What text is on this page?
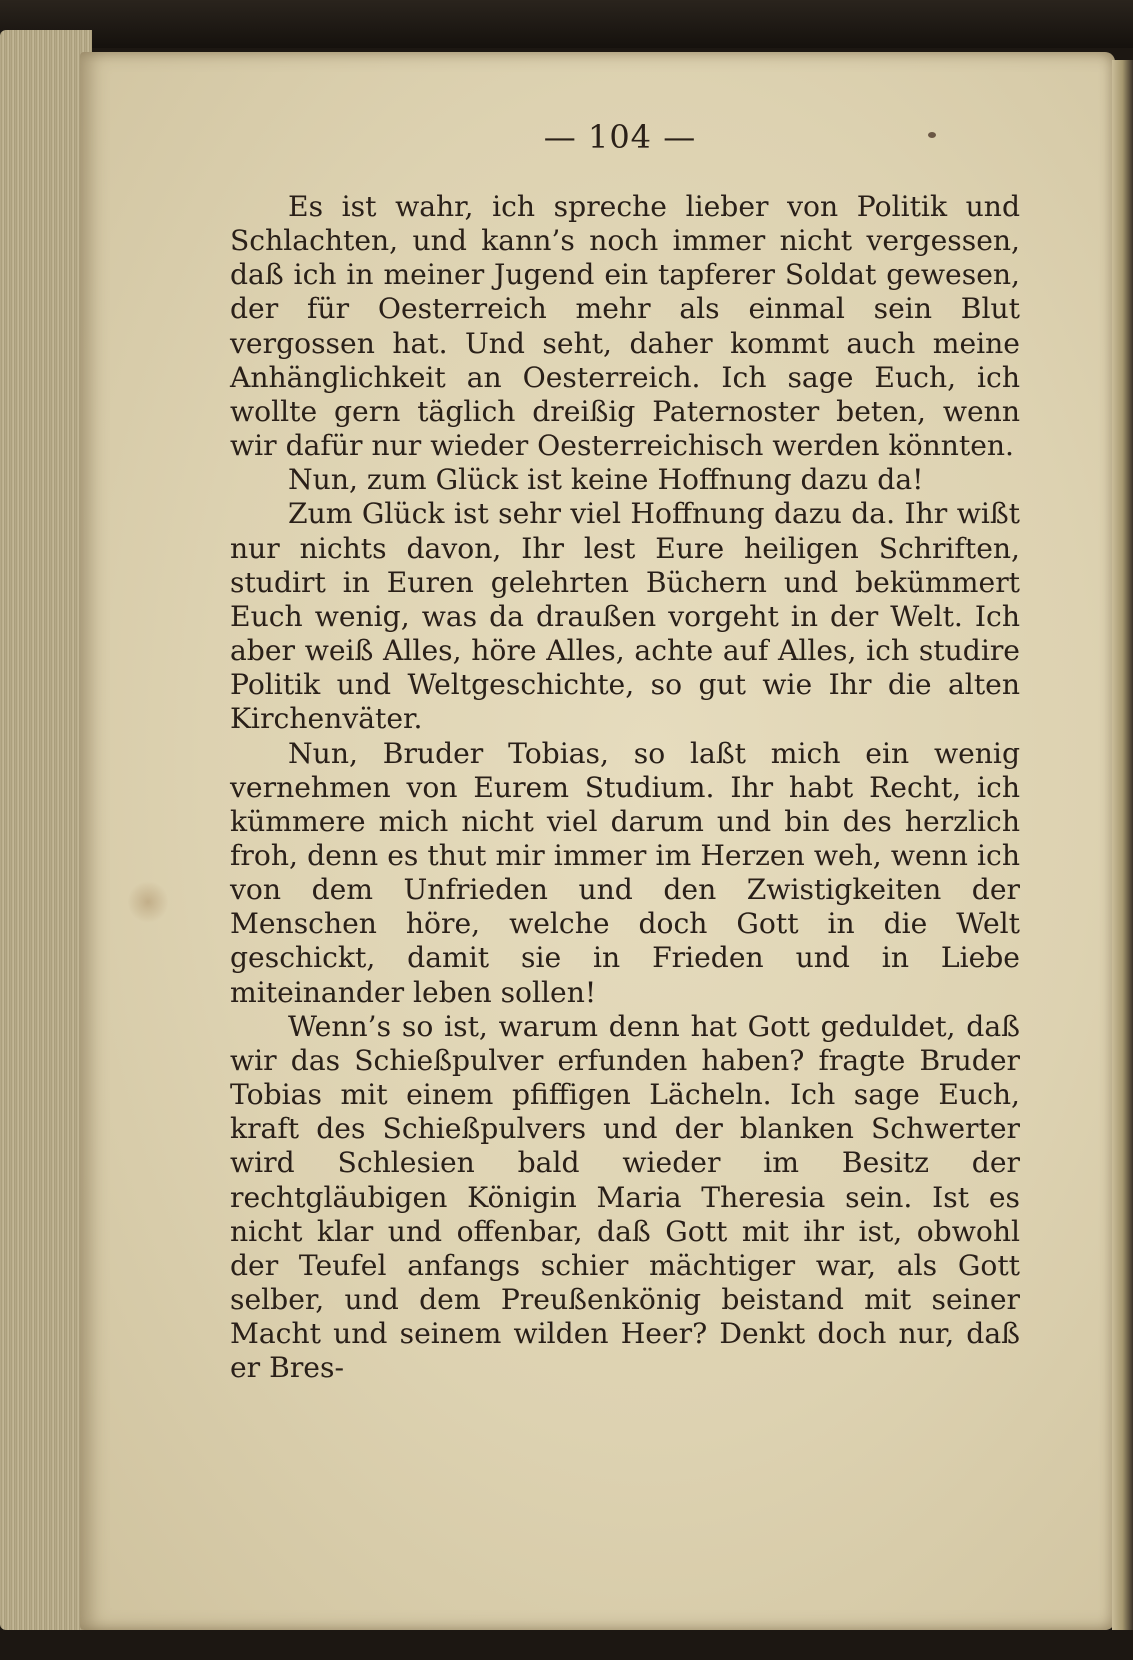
— 104 —

Es ist wahr, ich spreche lieber von Politik und Schlachten, und kann’s noch immer nicht vergessen, daß ich in meiner Jugend ein tapferer Soldat gewesen, der für Oesterreich mehr als einmal sein Blut vergossen hat. Und seht, daher kommt auch meine Anhänglichkeit an Oesterreich. Ich sage Euch, ich wollte gern täglich dreißig Paternoster beten, wenn wir dafür nur wieder Oesterreichisch werden könnten.

Nun, zum Glück ist keine Hoffnung dazu da!

Zum Glück ist sehr viel Hoffnung dazu da. Ihr wißt nur nichts davon, Ihr lest Eure heiligen Schriften, studirt in Euren gelehrten Büchern und bekümmert Euch wenig, was da draußen vorgeht in der Welt. Ich aber weiß Alles, höre Alles, achte auf Alles, ich studire Politik und Weltgeschichte, so gut wie Ihr die alten Kirchenväter.

Nun, Bruder Tobias, so laßt mich ein wenig vernehmen von Eurem Studium. Ihr habt Recht, ich kümmere mich nicht viel darum und bin des herzlich froh, denn es thut mir immer im Herzen weh, wenn ich von dem Unfrieden und den Zwistigkeiten der Menschen höre, welche doch Gott in die Welt geschickt, damit sie in Frieden und in Liebe miteinander leben sollen!

Wenn’s so ist, warum denn hat Gott geduldet, daß wir das Schießpulver erfunden haben? fragte Bruder Tobias mit einem pfiffigen Lächeln. Ich sage Euch, kraft des Schießpulvers und der blanken Schwerter wird Schlesien bald wieder im Besitz der rechtgläubigen Königin Maria Theresia sein. Ist es nicht klar und offenbar, daß Gott mit ihr ist, obwohl der Teufel anfangs schier mächtiger war, als Gott selber, und dem Preußenkönig beistand mit seiner Macht und seinem wilden Heer? Denkt doch nur, daß er Bres-
